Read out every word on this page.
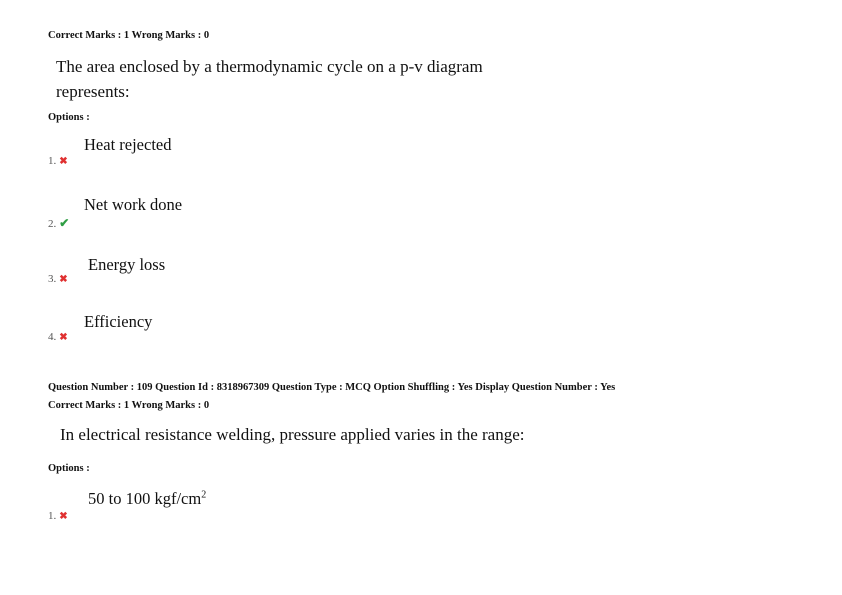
Correct Marks : 1 Wrong Marks : 0
The area enclosed by a thermodynamic cycle on a p-v diagram
represents:
Options :
Heat rejected
1. ✖
Net work done
2. ✔
Energy loss
3. ✖
Efficiency
4. ✖
Question Number : 109 Question Id : 8318967309 Question Type : MCQ Option Shuffling : Yes Display Question Number : Yes
Correct Marks : 1 Wrong Marks : 0
In electrical resistance welding, pressure applied varies in the range:
Options :
50 to 100 kgf/$cm^2$
1. ✖
